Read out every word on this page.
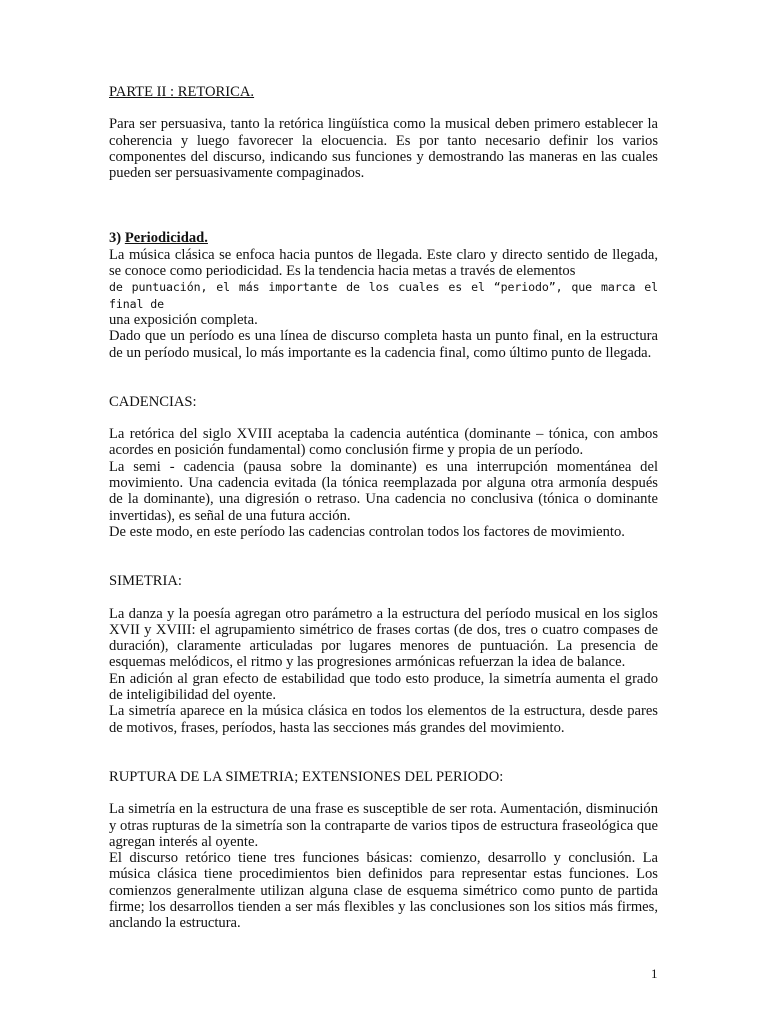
PARTE II : RETORICA.

Para ser persuasiva, tanto la retórica lingüística como la musical deben primero establecer la coherencia y luego favorecer la elocuencia. Es por tanto necesario definir los varios componentes del discurso, indicando sus funciones y demostrando las maneras en las cuales pueden ser persuasivamente compaginados.

3) Periodicidad.

La música clásica se enfoca hacia puntos de llegada. Este claro y directo sentido de llegada, se conoce como periodicidad. Es la tendencia hacia metas a través de elementos

de puntuación, el más importante de los cuales es el “periodo”, que marca el final de

una exposición completa.

Dado que un período es una línea de discurso completa hasta un punto final, en la estructura de un período musical, lo más importante es la cadencia final, como último punto de llegada.

CADENCIAS:

La retórica del siglo XVIII aceptaba la cadencia auténtica (dominante – tónica, con ambos acordes en posición fundamental) como conclusión firme y propia de un período.

La semi - cadencia (pausa sobre la dominante) es una interrupción momentánea del movimiento. Una cadencia evitada (la tónica reemplazada por alguna otra armonía después de la dominante), una digresión o retraso. Una cadencia no conclusiva (tónica o dominante invertidas), es señal de una futura acción.

De este modo, en este período las cadencias controlan todos los factores de movimiento.

SIMETRIA:

La danza y la poesía agregan otro parámetro a la estructura del período musical en los siglos XVII y XVIII: el agrupamiento simétrico de frases cortas (de dos, tres o cuatro compases de duración), claramente articuladas por lugares menores de puntuación. La presencia de esquemas melódicos, el ritmo y las progresiones armónicas refuerzan la idea de balance.

En adición al gran efecto de estabilidad que todo esto produce, la simetría aumenta el grado de inteligibilidad del oyente.

La simetría aparece en la música clásica en todos los elementos de la estructura, desde pares de motivos, frases, períodos, hasta las secciones más grandes del movimiento.

RUPTURA DE LA SIMETRIA; EXTENSIONES DEL PERIODO:

La simetría en la estructura de una frase es susceptible de ser rota. Aumentación, disminución y otras rupturas de la simetría son la contraparte de varios tipos de estructura fraseológica que agregan interés al oyente.

El discurso retórico tiene tres funciones básicas: comienzo, desarrollo y conclusión. La música clásica tiene procedimientos bien definidos para representar estas funciones. Los comienzos generalmente utilizan alguna clase de esquema simétrico como punto de partida firme; los desarrollos tienden a ser más flexibles y las conclusiones son los sitios más firmes, anclando la estructura.

1
